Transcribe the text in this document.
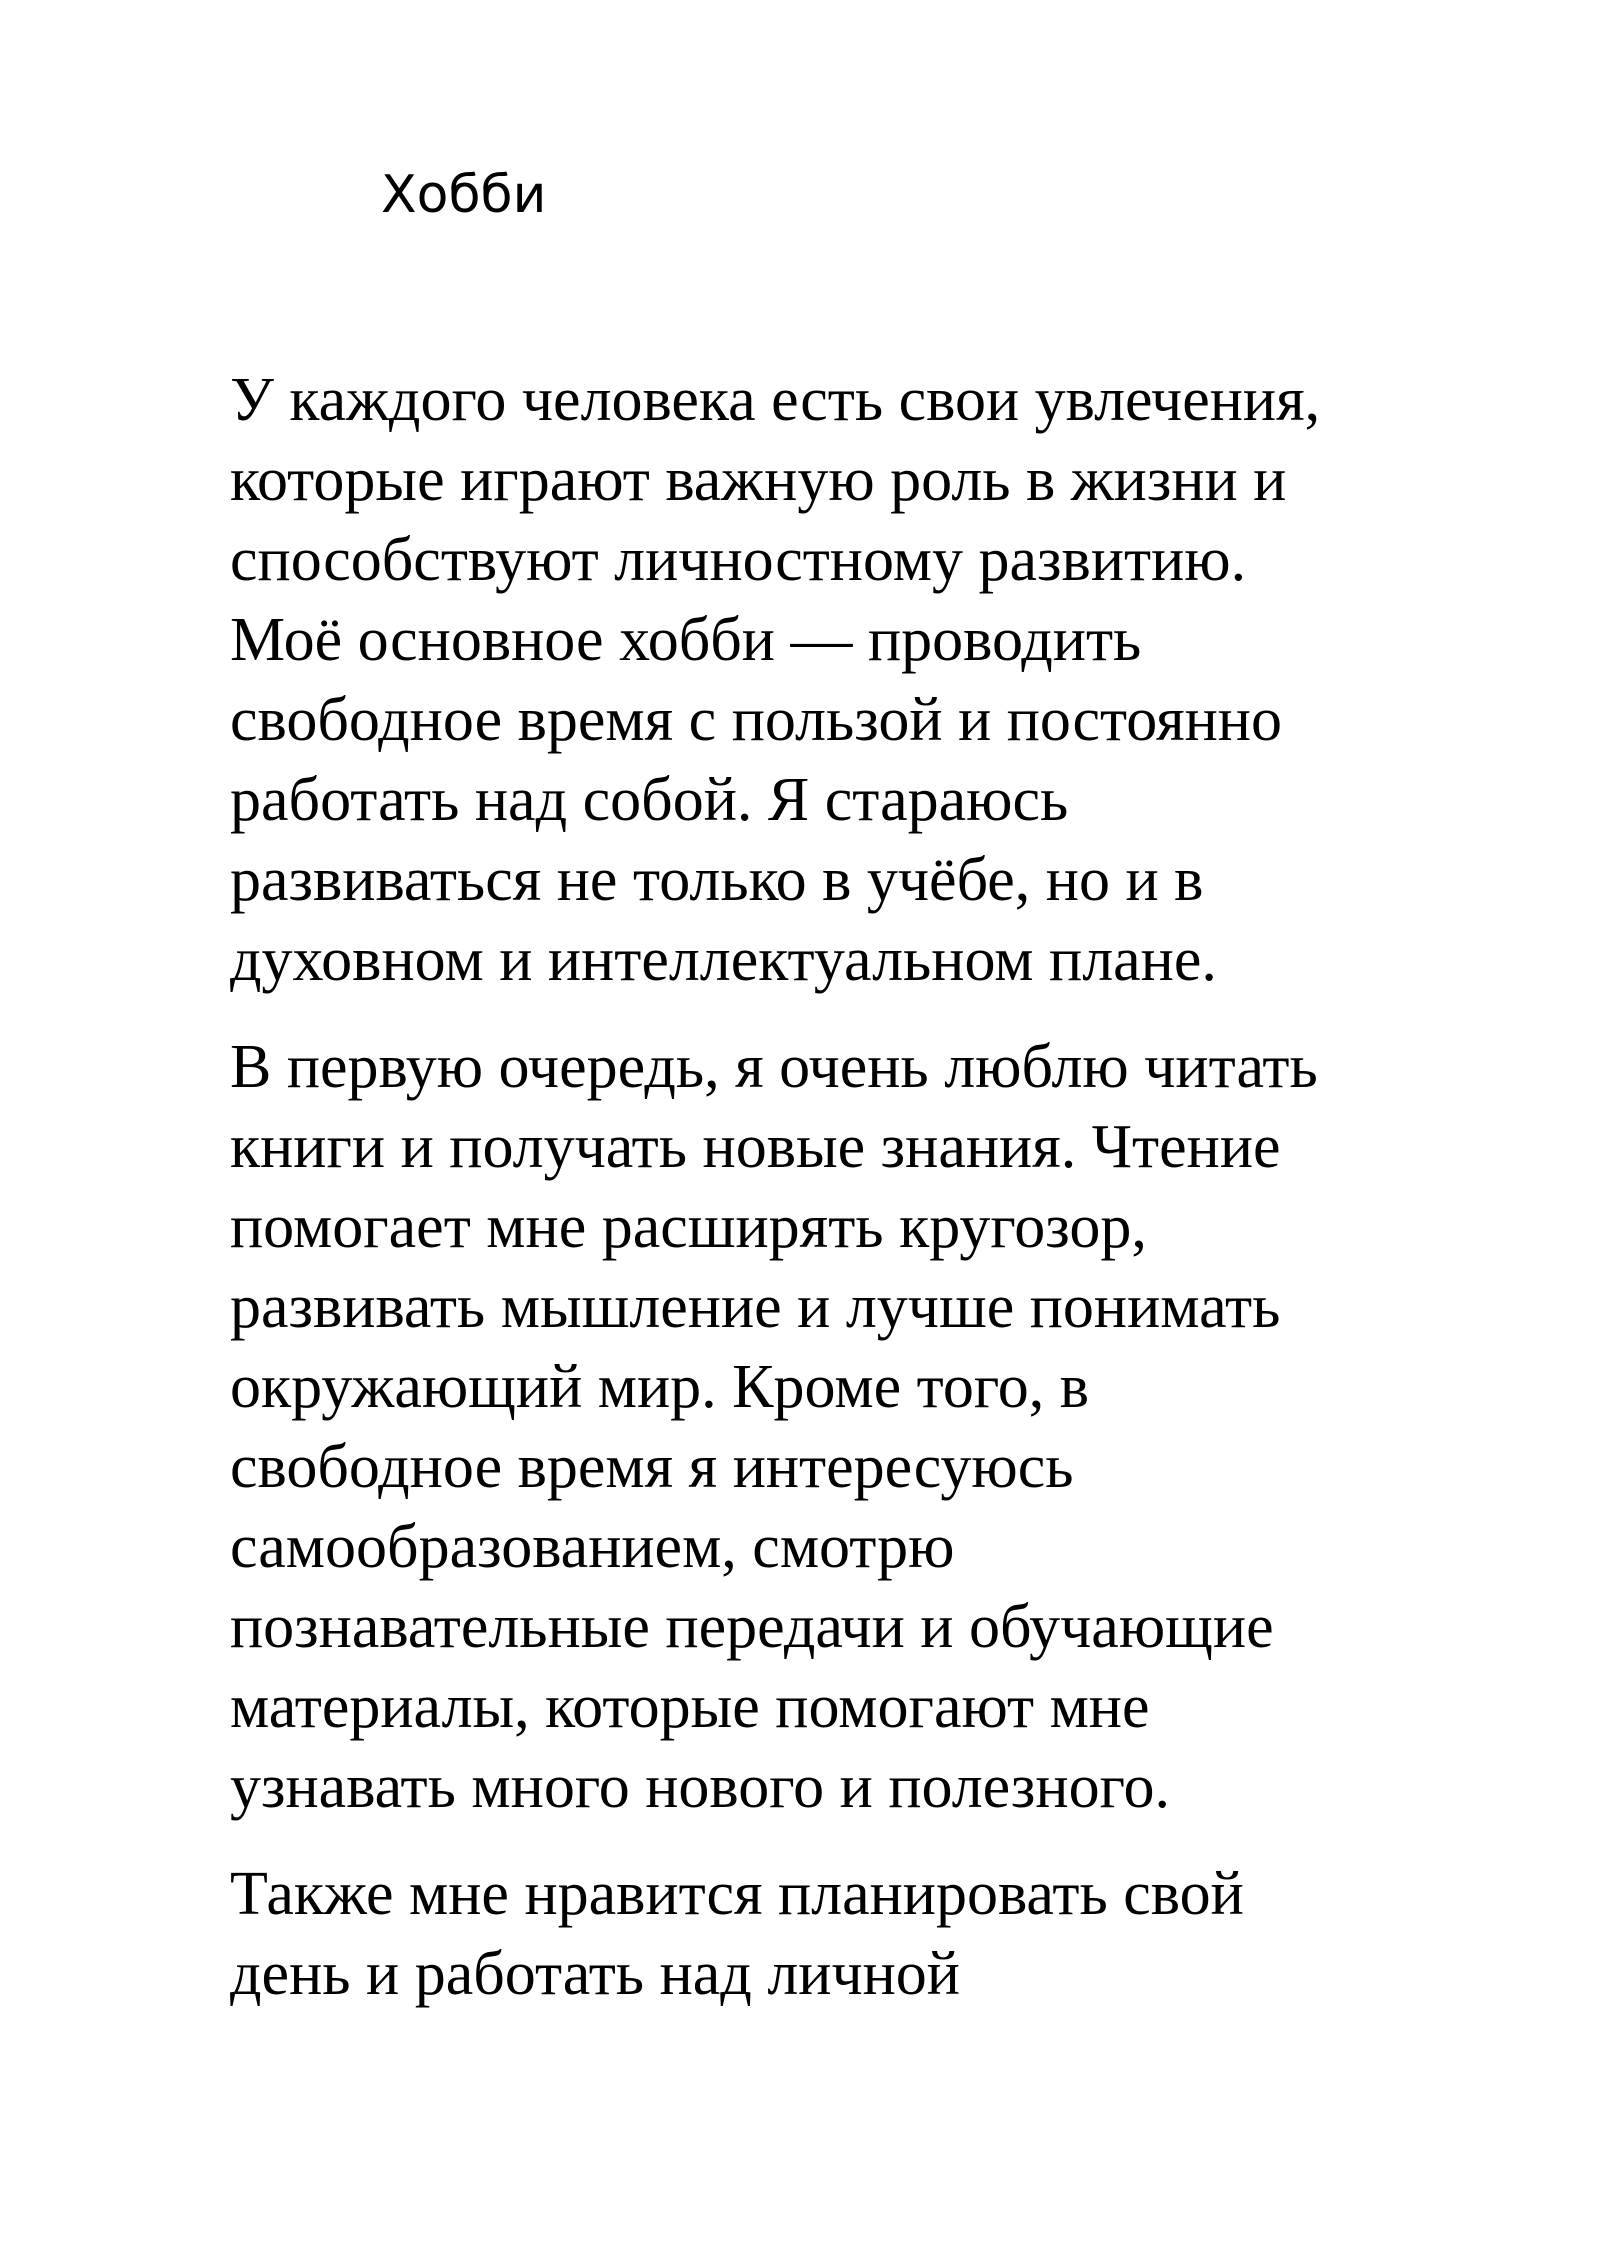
Хобби

У каждого человека есть свои увлечения,
которые играют важную роль в жизни и
способствуют личностному развитию.
Моё основное хобби — проводить
свободное время с пользой и постоянно
работать над собой. Я стараюсь
развиваться не только в учёбе, но и в
духовном и интеллектуальном плане.

В первую очередь, я очень люблю читать
книги и получать новые знания. Чтение
помогает мне расширять кругозор,
развивать мышление и лучше понимать
окружающий мир. Кроме того, в
свободное время я интересуюсь
самообразованием, смотрю
познавательные передачи и обучающие
материалы, которые помогают мне
узнавать много нового и полезного.

Также мне нравится планировать свой
день и работать над личной
